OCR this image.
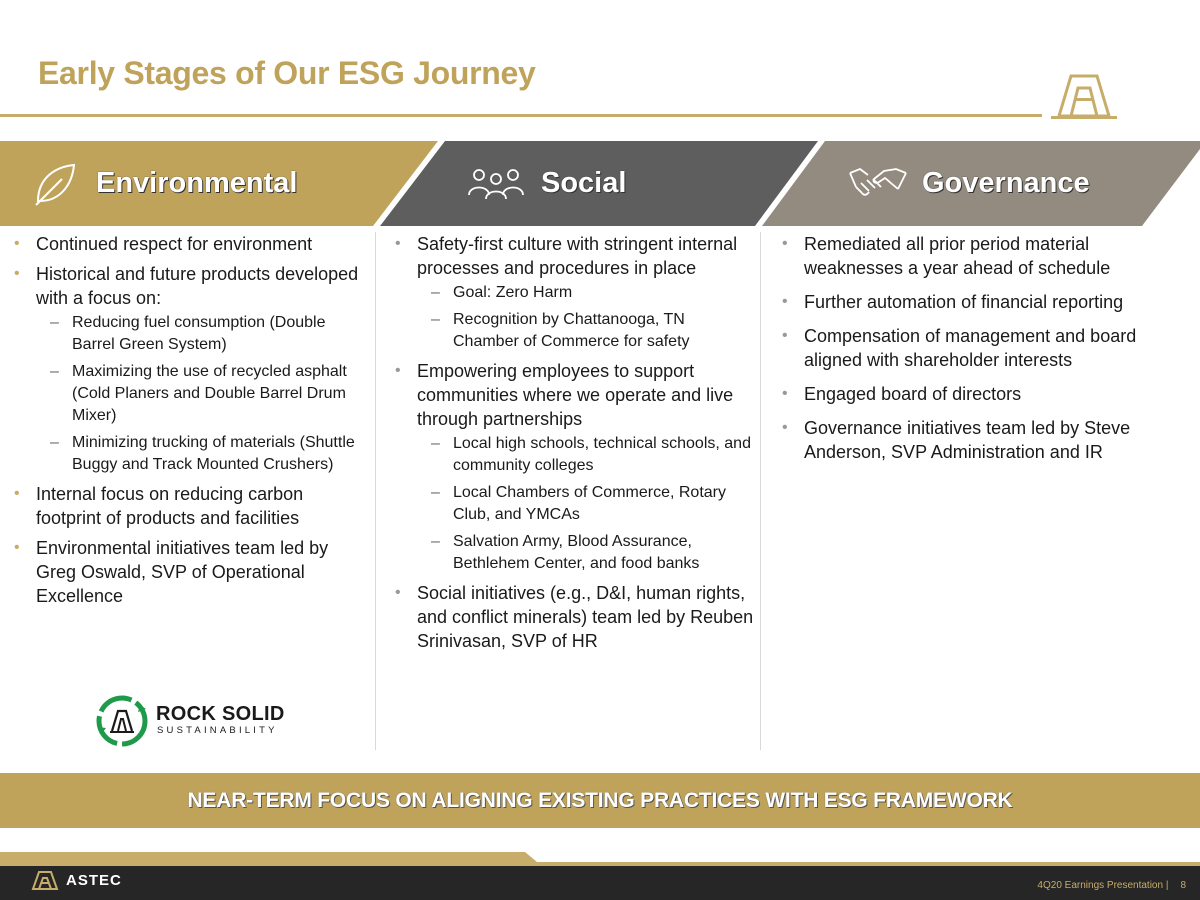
Early Stages of Our ESG Journey
Environmental	Social	Governance
• Continued respect for environment
• Historical and future products developed with a focus on:
– Reducing fuel consumption (Double Barrel Green System)
– Maximizing the use of recycled asphalt (Cold Planers and Double Barrel Drum Mixer)
– Minimizing trucking of materials (Shuttle Buggy and Track Mounted Crushers)
• Internal focus on reducing carbon footprint of products and facilities
• Environmental initiatives team led by Greg Oswald, SVP of Operational Excellence
• Safety-first culture with stringent internal processes and procedures in place
– Goal: Zero Harm
– Recognition by Chattanooga, TN Chamber of Commerce for safety
• Empowering employees to support communities where we operate and live through partnerships
– Local high schools, technical schools, and community colleges
– Local Chambers of Commerce, Rotary Club, and YMCAs
– Salvation Army, Blood Assurance, Bethlehem Center, and food banks
• Social initiatives (e.g., D&I, human rights, and conflict minerals) team led by Reuben Srinivasan, SVP of HR
• Remediated all prior period material weaknesses a year ahead of schedule
• Further automation of financial reporting
• Compensation of management and board aligned with shareholder interests
• Engaged board of directors
• Governance initiatives team led by Steve Anderson, SVP Administration and IR
ROCK SOLID
SUSTAINABILITY
NEAR-TERM FOCUS ON ALIGNING EXISTING PRACTICES WITH ESG FRAMEWORK
ASTEC	4Q20 Earnings Presentation | 8
